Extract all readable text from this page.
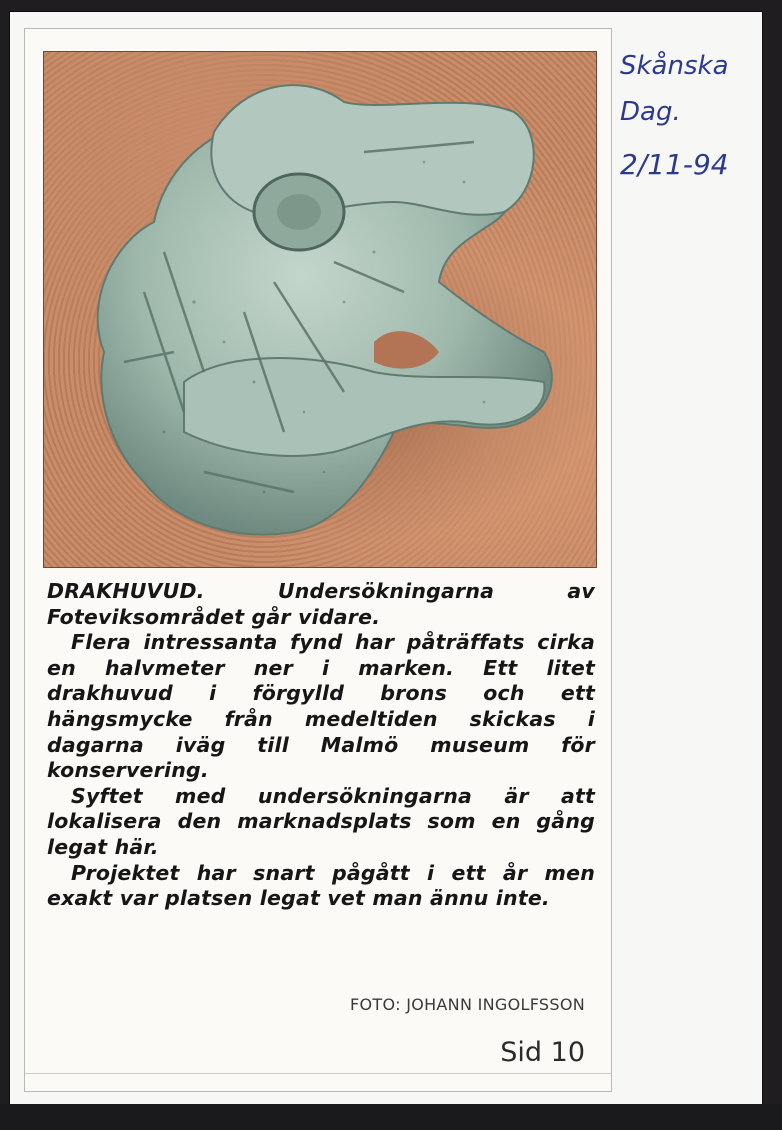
DRAKHUVUD. Undersökningarna av Foteviksområdet går vidare.

Flera intressanta fynd har påträffats cirka en halvmeter ner i marken. Ett litet drakhuvud i förgylld brons och ett hängsmycke från medeltiden skickas i dagarna iväg till Malmö museum för konservering.

Syftet med undersökningarna är att lokalisera den marknadsplats som en gång legat här.

Projektet har snart pågått i ett år men exakt var platsen legat vet man ännu inte.

FOTO: JOHANN INGOLFSSON
Sid 10
Skånska
Dag.
2/11-94
